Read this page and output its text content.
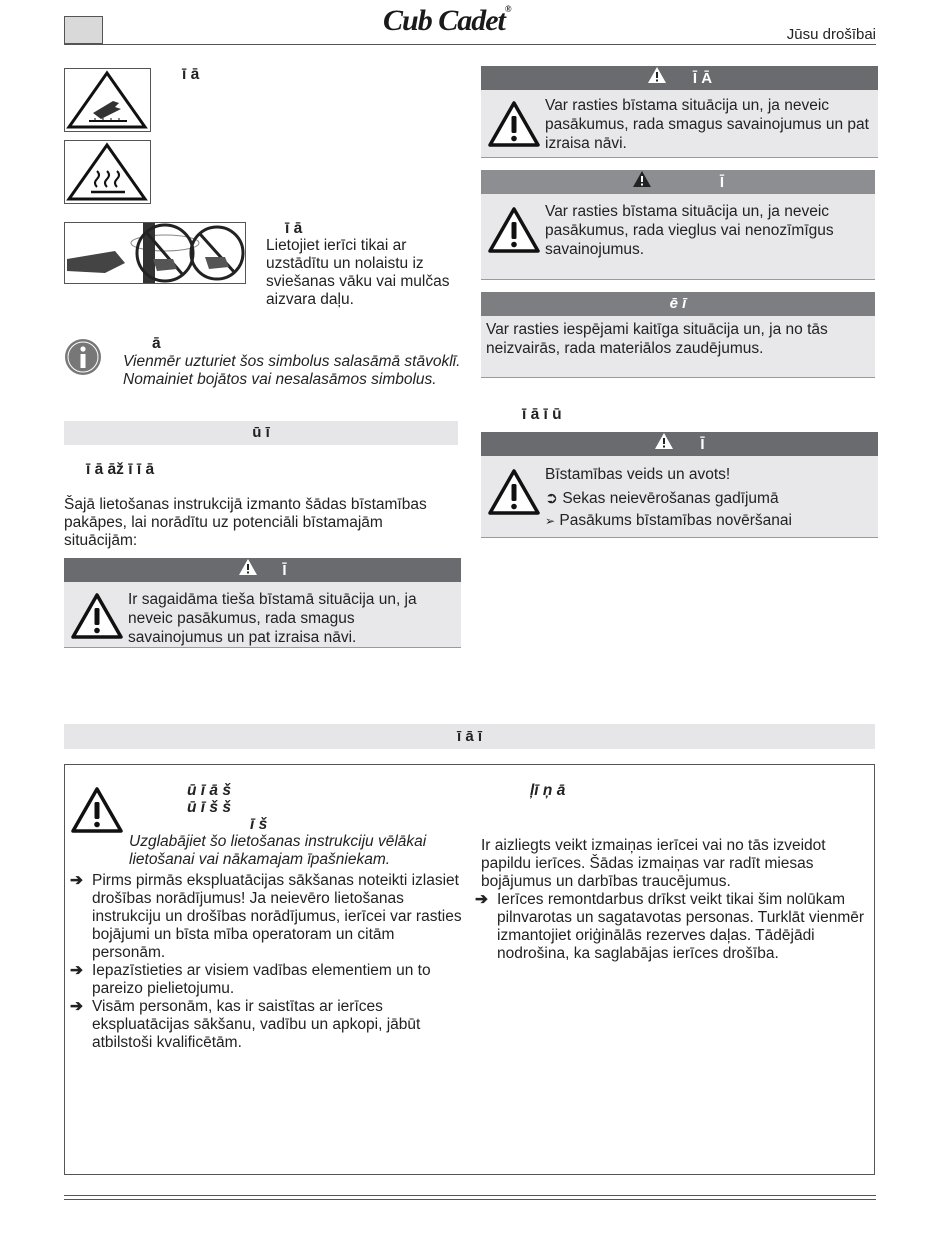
Cub Cadet®
Jūsu drošībai
ī ā
ī ā
Lietojiet ierīci tikai ar uzstādītu un nolaistu iz sviešanas vāku vai mulčas aizvara daļu.
ā
Vienmēr uzturiet šos simbolus salasāmā stāvoklī. Nomainiet bojātos vai nesalasāmos simbolus.
ū ī
ī ā āž ī ī ā
Šajā lietošanas instrukcijā izmanto šādas bīstamības pakāpes, lai norādītu uz potenciāli bīstamajām situācijām:
Ī
Ir sagaidāma tieša bīstamā situācija un, ja neveic pasākumus, rada smagus savainojumus un pat izraisa nāvi.
Ī Ā
Var rasties bīstama situācija un, ja neveic pasākumus, rada smagus savainojumus un pat izraisa nāvi.
Ī
Var rasties bīstama situācija un, ja neveic pasākumus, rada vieglus vai nenozīmīgus savainojumus.
ē ī
Var rasties iespējami kaitīga situācija un, ja no tās neizvairās, rada materiālos zaudējumus.
ī ā ī ū
Ī
Bīstamības veids un avots!
➲ Sekas neievērošanas gadījumā
➢ Pasākums bīstamības novēršanai
ī ā ī
ū ī ā š
ū ī š š
ī š
Uzglabājiet šo lietošanas instrukciju vēlākai lietošanai vai nākamajam īpašniekam.
➔ Pirms pirmās ekspluatācijas sākšanas noteikti izlasiet drošības norādījumus! Ja neievēro lietošanas instrukciju un drošības norādījumus, ierīcei var rasties bojājumi un bīsta mība operatoram un citām personām.
➔ Iepazīstieties ar visiem vadības elementiem un to pareizo pielietojumu.
➔ Visām personām, kas ir saistītas ar ierīces ekspluatācijas sākšanu, vadību un apkopi, jābūt atbilstoši kvalificētām.
ļī ņ ā
Ir aizliegts veikt izmaiņas ierīcei vai no tās izveidot papildu ierīces. Šādas izmaiņas var radīt miesas bojājumus un darbības traucējumus.
➔ Ierīces remontdarbus drīkst veikt tikai šim nolūkam pilnvarotas un sagatavotas personas. Turklāt vienmēr izmantojiet oriģinālās rezerves daļas. Tādējādi nodrošina, ka saglabājas ierīces drošība.
